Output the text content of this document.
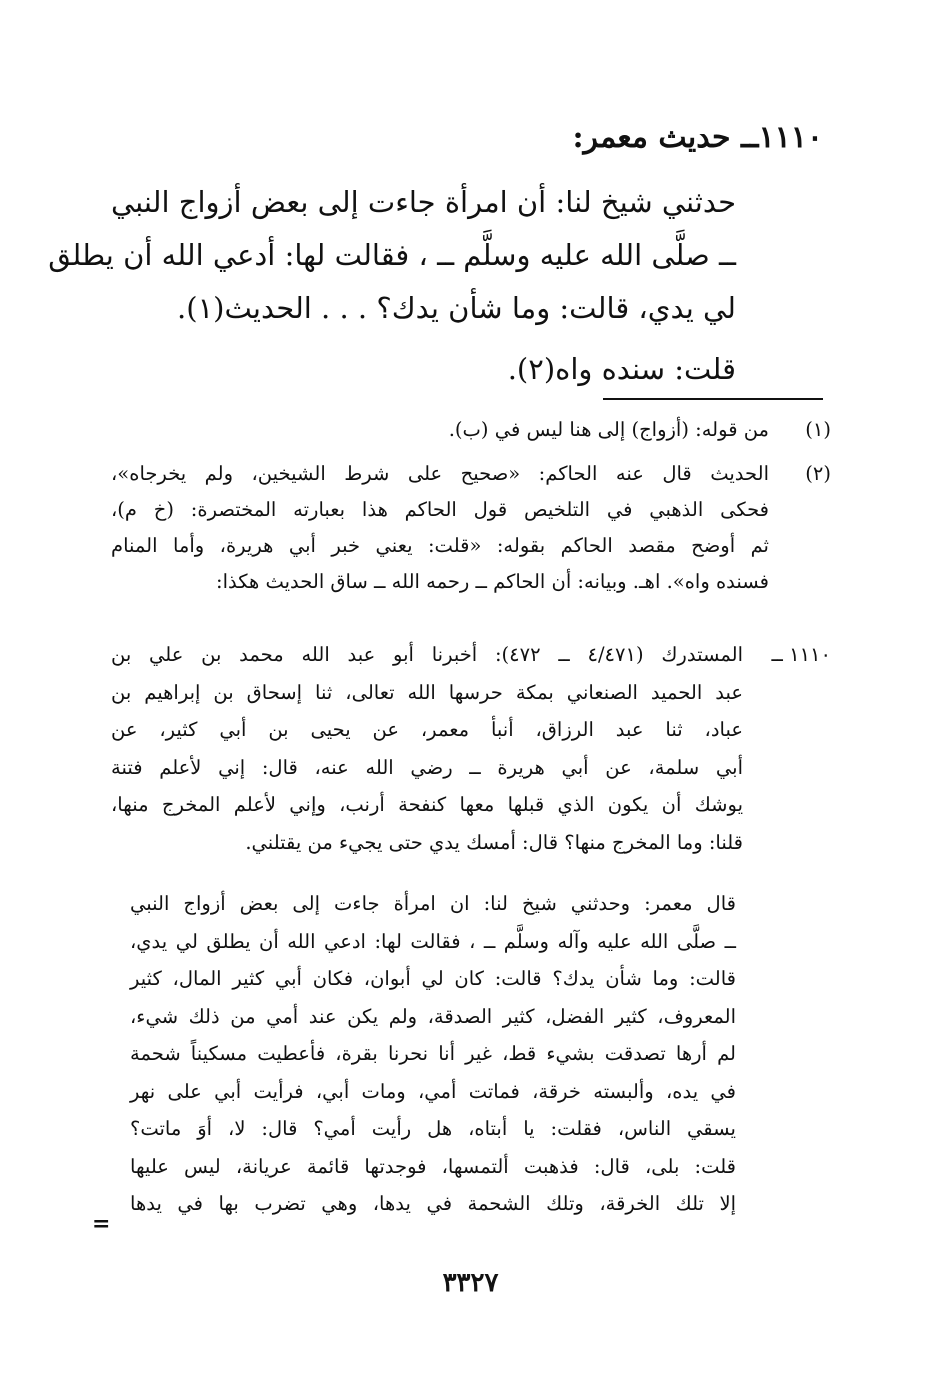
١١١٠ــ حديث معمر:
حدثني شيخ لنا: أن امرأة جاءت إلى بعض أزواج النبي
ــ صلَّى الله عليه وسلَّم ــ ، فقالت لها: أدعي الله أن يطلق
لي يدي، قالت: وما شأن يدك؟ . . . الحديث(١).
قلت: سنده واه(٢).
(١)
من قوله: (أزواج) إلى هنا ليس في (ب).
(٢)
الحديث قال عنه الحاكم: «صحيح على شرط الشيخين، ولم يخرجاه»،
فحكى الذهبي في التلخيص قول الحاكم هذا بعبارته المختصرة: (خ م)،
ثم أوضح مقصد الحاكم بقوله: «قلت: يعني خبر أبي هريرة، وأما المنام
فسنده واه». اهـ. وبيانه: أن الحاكم ــ رحمه الله ــ ساق الحديث هكذا:
١١١٠ ــ
المستدرك (٤/٤٧١ ــ ٤٧٢): أخبرنا أبو عبد الله محمد بن علي بن
عبد الحميد الصنعاني بمكة حرسها الله تعالى، ثنا إسحاق بن إبراهيم بن
عباد، ثنا عبد الرزاق، أنبأ معمر، عن يحيى بن أبي كثير، عن
أبي سلمة، عن أبي هريرة ــ رضي الله عنه، قال: إني لأعلم فتنة
يوشك أن يكون الذي قبلها معها كنفحة أرنب، وإني لأعلم المخرج منها،
قلنا: وما المخرج منها؟ قال: أمسك يدي حتى يجيء من يقتلني.
قال معمر: وحدثني شيخ لنا: ان امرأة جاءت إلى بعض أزواج النبي
ــ صلَّى الله عليه وآله وسلَّم ــ ، فقالت لها: ادعي الله أن يطلق لي يدي،
قالت: وما شأن يدك؟ قالت: كان لي أبوان، فكان أبي كثير المال، كثير
المعروف، كثير الفضل، كثير الصدقة، ولم يكن عند أمي من ذلك شيء،
لم أرها تصدقت بشيء قط، غير أنا نحرنا بقرة، فأعطيت مسكيناً شحمة
في يده، وألبسته خرقة، فماتت أمي، ومات أبي، فرأيت أبي على نهر
يسقي الناس، فقلت: يا أبتاه، هل رأيت أمي؟ قال: لا، أوَ ماتت؟
قلت: بلى، قال: فذهبت ألتمسها، فوجدتها قائمة عريانة، ليس عليها
إلا تلك الخرقة، وتلك الشحمة في يدها، وهي تضرب بها في يدها
=
٣٣٢٧
